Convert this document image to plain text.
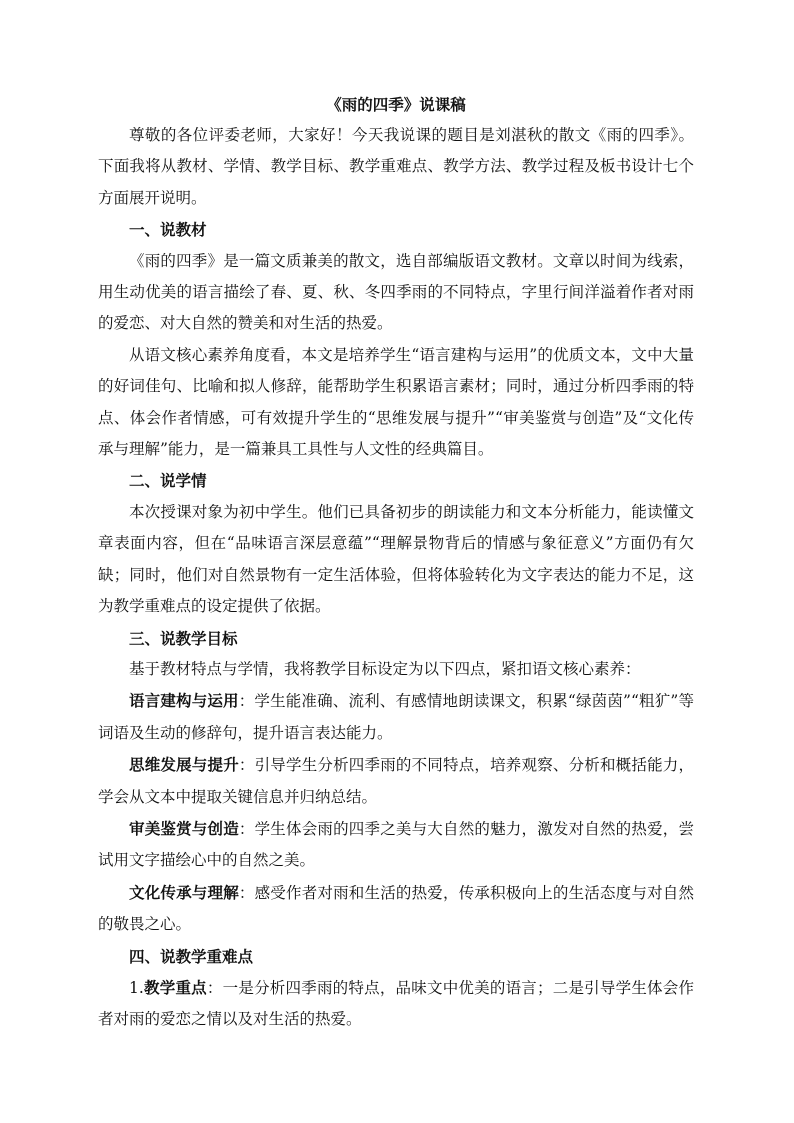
《雨的四季》说课稿

尊敬的各位评委老师，大家好！今天我说课的题目是刘湛秋的散文《雨的四季》。下面我将从教材、学情、教学目标、教学重难点、教学方法、教学过程及板书设计七个方面展开说明。

一、说教材

《雨的四季》是一篇文质兼美的散文，选自部编版语文教材。文章以时间为线索，用生动优美的语言描绘了春、夏、秋、冬四季雨的不同特点，字里行间洋溢着作者对雨的爱恋、对大自然的赞美和对生活的热爱。

从语文核心素养角度看，本文是培养学生“语言建构与运用”的优质文本，文中大量的好词佳句、比喻和拟人修辞，能帮助学生积累语言素材；同时，通过分析四季雨的特点、体会作者情感，可有效提升学生的“思维发展与提升”“审美鉴赏与创造”及“文化传承与理解”能力，是一篇兼具工具性与人文性的经典篇目。

二、说学情

本次授课对象为初中学生。他们已具备初步的朗读能力和文本分析能力，能读懂文章表面内容，但在“品味语言深层意蕴”“理解景物背后的情感与象征意义”方面仍有欠缺；同时，他们对自然景物有一定生活体验，但将体验转化为文字表达的能力不足，这为教学重难点的设定提供了依据。

三、说教学目标

基于教材特点与学情，我将教学目标设定为以下四点，紧扣语文核心素养：

语言建构与运用：学生能准确、流利、有感情地朗读课文，积累“绿茵茵”“粗犷”等词语及生动的修辞句，提升语言表达能力。

思维发展与提升：引导学生分析四季雨的不同特点，培养观察、分析和概括能力，学会从文本中提取关键信息并归纳总结。

审美鉴赏与创造：学生体会雨的四季之美与大自然的魅力，激发对自然的热爱，尝试用文字描绘心中的自然之美。

文化传承与理解：感受作者对雨和生活的热爱，传承积极向上的生活态度与对自然的敬畏之心。

四、说教学重难点

1.教学重点：一是分析四季雨的特点，品味文中优美的语言；二是引导学生体会作者对雨的爱恋之情以及对生活的热爱。
